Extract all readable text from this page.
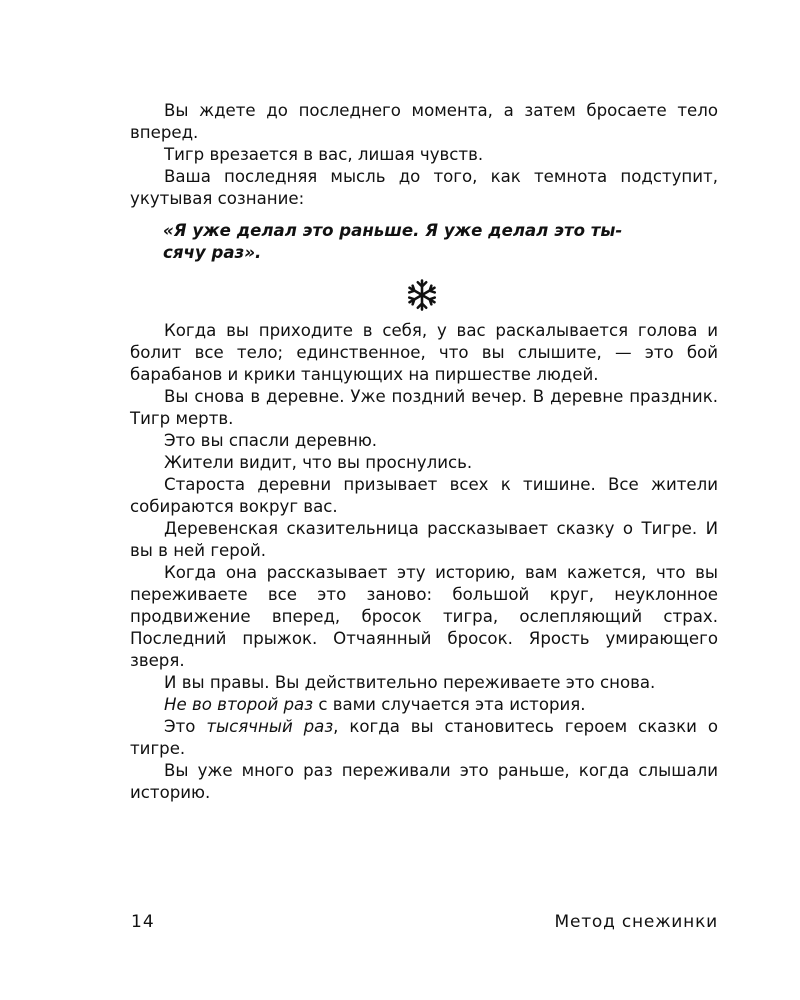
Вы ждете до последнего момента, а затем бросаете тело вперед.

Тигр врезается в вас, лишая чувств.

Ваша последняя мысль до того, как темнота подступит, укутывая сознание:

«Я уже делал это раньше. Я уже делал это ты-
сячу раз».

Когда вы приходите в себя, у вас раскалывается голова и болит все тело; единственное, что вы слышите, — это бой барабанов и крики танцующих на пиршестве людей.

Вы снова в деревне. Уже поздний вечер. В деревне праздник. Тигр мертв.

Это вы спасли деревню.

Жители видит, что вы проснулись.

Староста деревни призывает всех к тишине. Все жители собираются вокруг вас.

Деревенская сказительница рассказывает сказку о Тигре. И вы в ней герой.

Когда она рассказывает эту историю, вам кажется, что вы переживаете все это заново: большой круг, неуклонное продвижение вперед, бросок тигра, ослепляющий страх. Последний прыжок. Отчаянный бросок. Ярость умирающего зверя.

И вы правы. Вы действительно переживаете это снова.

Не во второй раз с вами случается эта история.

Это тысячный раз, когда вы становитесь героем сказки о тигре.

Вы уже много раз переживали это раньше, когда слышали историю.

14	Метод снежинки
